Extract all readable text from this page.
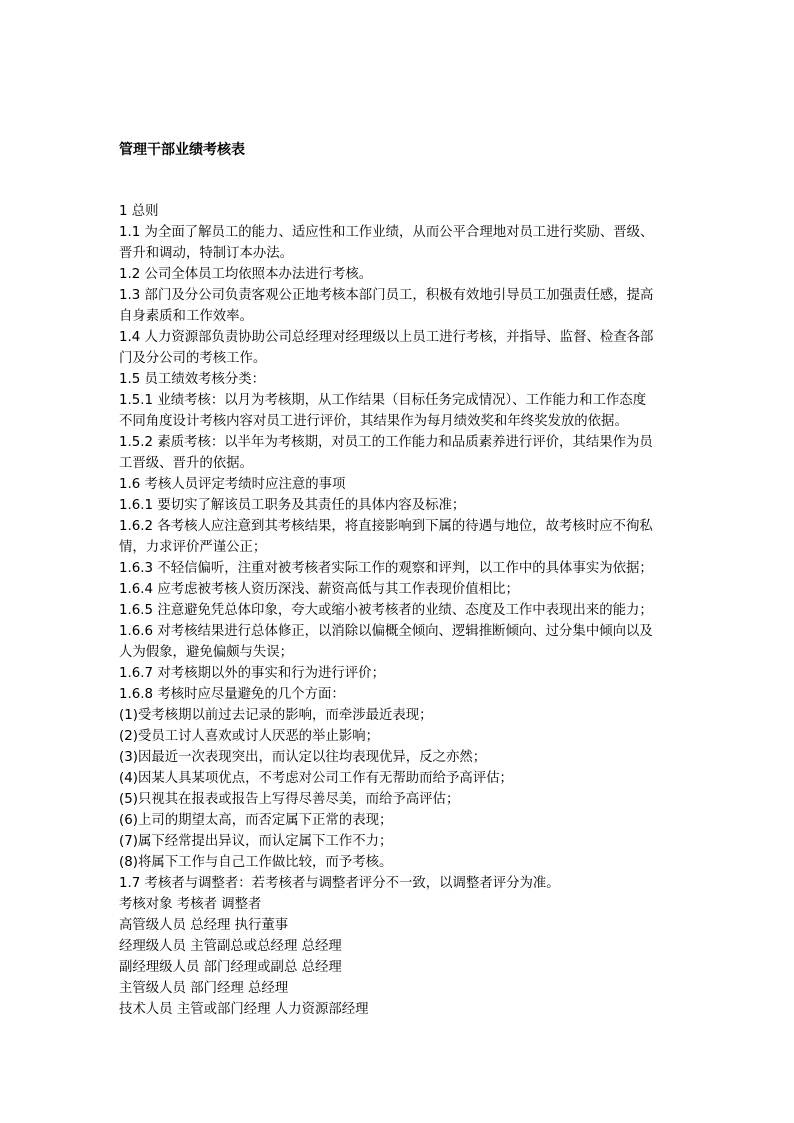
管理干部业绩考核表

1 总则

1.1 为全面了解员工的能力、适应性和工作业绩，从而公平合理地对员工进行奖励、晋级、

晋升和调动，特制订本办法。

1.2 公司全体员工均依照本办法进行考核。

1.3 部门及分公司负责客观公正地考核本部门员工，积极有效地引导员工加强责任感，提高

自身素质和工作效率。

1.4 人力资源部负责协助公司总经理对经理级以上员工进行考核，并指导、监督、检查各部

门及分公司的考核工作。

1.5 员工绩效考核分类：

1.5.1 业绩考核：以月为考核期，从工作结果（目标任务完成情况）、工作能力和工作态度

不同角度设计考核内容对员工进行评价，其结果作为每月绩效奖和年终奖发放的依据。

1.5.2 素质考核：以半年为考核期，对员工的工作能力和品质素养进行评价，其结果作为员

工晋级、晋升的依据。

1.6 考核人员评定考绩时应注意的事项

1.6.1 要切实了解该员工职务及其责任的具体内容及标准；

1.6.2 各考核人应注意到其考核结果，将直接影响到下属的待遇与地位，故考核时应不徇私

情，力求评价严谨公正；

1.6.3 不轻信偏听，注重对被考核者实际工作的观察和评判，以工作中的具体事实为依据；

1.6.4 应考虑被考核人资历深浅、薪资高低与其工作表现价值相比；

1.6.5 注意避免凭总体印象，夸大或缩小被考核者的业绩、态度及工作中表现出来的能力；

1.6.6 对考核结果进行总体修正，以消除以偏概全倾向、逻辑推断倾向、过分集中倾向以及

人为假象，避免偏颇与失误；

1.6.7 对考核期以外的事实和行为进行评价；

1.6.8 考核时应尽量避免的几个方面：

(1)受考核期以前过去记录的影响，而牵涉最近表现；

(2)受员工讨人喜欢或讨人厌恶的举止影响；

(3)因最近一次表现突出，而认定以往均表现优异，反之亦然；

(4)因某人具某项优点，不考虑对公司工作有无帮助而给予高评估；

(5)只视其在报表或报告上写得尽善尽美，而给予高评估；

(6)上司的期望太高，而否定属下正常的表现；

(7)属下经常提出异议，而认定属下工作不力；

(8)将属下工作与自己工作做比较，而予考核。

1.7 考核者与调整者：若考核者与调整者评分不一致，以调整者评分为准。

考核对象 考核者 调整者

高管级人员 总经理 执行董事

经理级人员 主管副总或总经理 总经理

副经理级人员 部门经理或副总 总经理

主管级人员 部门经理 总经理

技术人员 主管或部门经理 人力资源部经理
